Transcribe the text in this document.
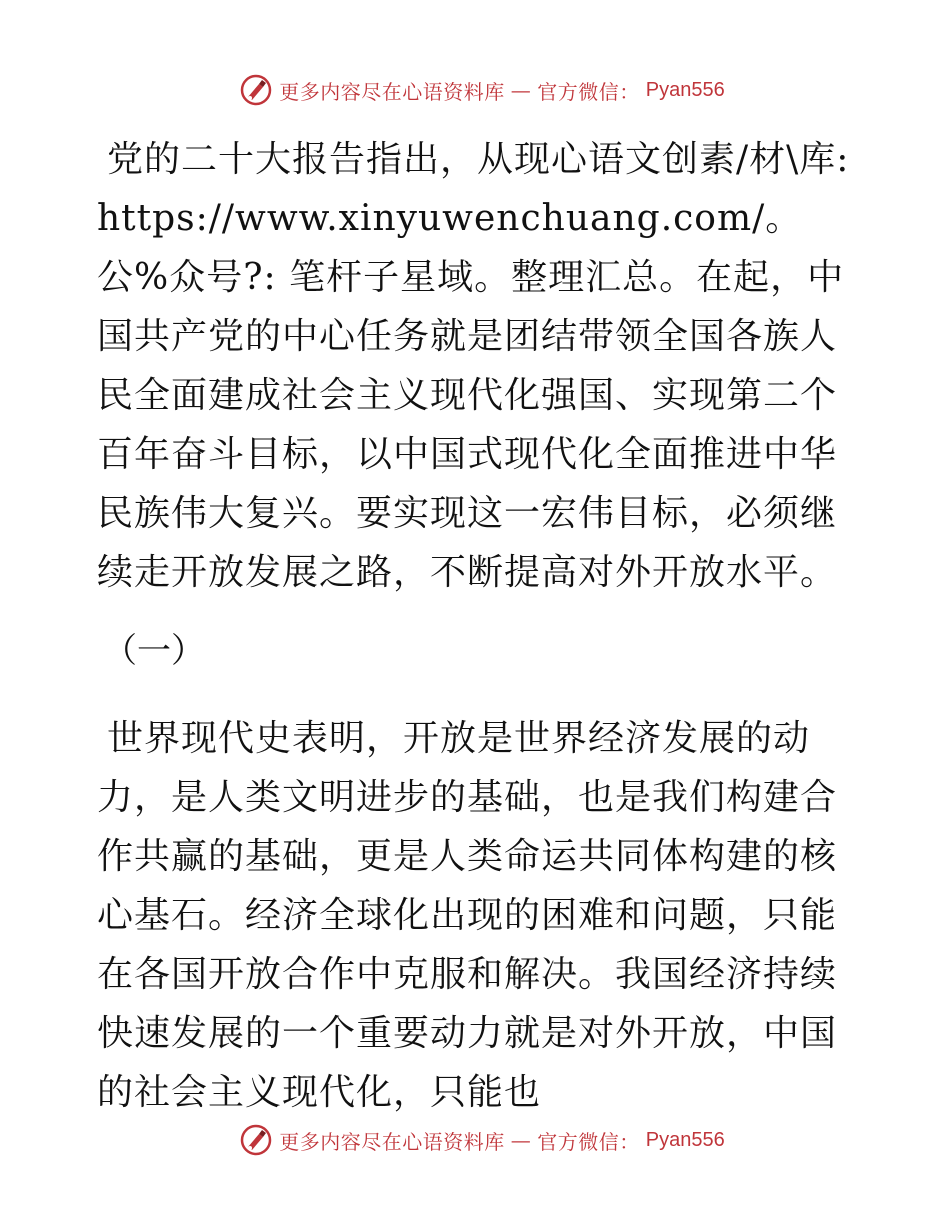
更多内容尽在心语资料库 — 官方微信： Pyan556

党的二十大报告指出，从现心语文创素/材\库: https://www.xinyuwenchuang.com/。公%众号?: 笔杆子星域。整理汇总。在起，中国共产党的中心任务就是团结带领全国各族人民全面建成社会主义现代化强国、实现第二个百年奋斗目标，以中国式现代化全面推进中华民族伟大复兴。要实现这一宏伟目标，必须继续走开放发展之路，不断提高对外开放水平。

（一）

世界现代史表明，开放是世界经济发展的动力，是人类文明进步的基础，也是我们构建合作共赢的基础，更是人类命运共同体构建的核心基石。经济全球化出现的困难和问题，只能在各国开放合作中克服和解决。我国经济持续快速发展的一个重要动力就是对外开放，中国的社会主义现代化，只能也

更多内容尽在心语资料库 — 官方微信： Pyan556
